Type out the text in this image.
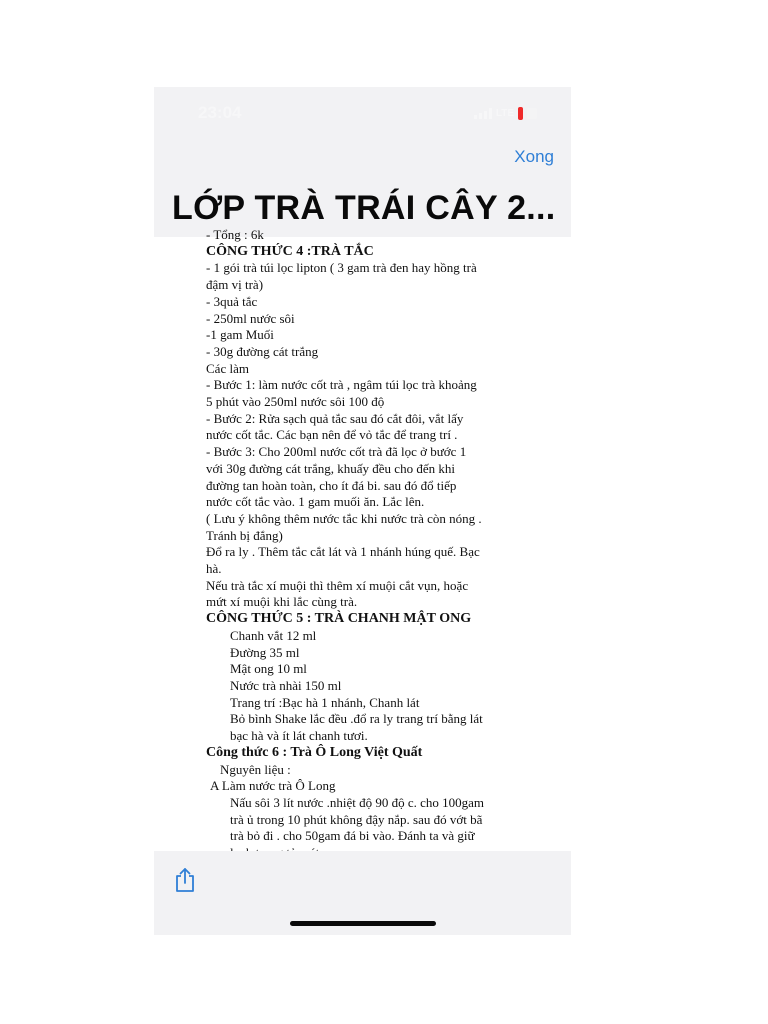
23:04	LTE
Xong
LỚP TRÀ TRÁI CÂY 2...
- Tổng : 6k
CÔNG THỨC 4 :TRÀ TẮC
- 1 gói trà túi lọc lipton ( 3 gam trà đen hay hồng trà
đậm vị trà)
- 3quả tắc
- 250ml nước sôi
-1 gam Muối
- 30g đường cát trắng
Các làm
- Bước 1: làm nước cốt trà , ngâm túi lọc trà khoảng
5 phút vào 250ml nước sôi 100 độ
- Bước 2: Rửa sạch quả tắc sau đó cắt đôi, vắt lấy
nước cốt tắc. Các bạn nên để vỏ tắc để trang trí .
- Bước 3: Cho 200ml nước cốt trà đã lọc ở bước 1
với 30g đường cát trắng, khuấy đều cho đến khi
đường tan hoàn toàn, cho ít đá bi. sau đó đổ tiếp
nước cốt tắc vào. 1 gam muối ăn. Lắc lên.
( Lưu ý không thêm nước tắc khi nước trà còn nóng .
Tránh bị đắng)
Đổ ra ly . Thêm tắc cắt lát và 1 nhánh húng quế. Bạc
hà.
Nếu trà tắc xí muội thì thêm xí muội cắt vụn, hoặc
mứt xí muội khi lắc cùng trà.
CÔNG THỨC 5 : TRÀ CHANH MẬT ONG
Chanh vắt 12 ml
Đường 35 ml
Mật ong 10 ml
Nước trà nhài 150 ml
Trang trí :Bạc hà 1 nhánh, Chanh lát
Bỏ bình Shake lắc đều .đổ ra ly trang trí bằng lát
bạc hà và ít lát chanh tươi.
Công thức 6 : Trà Ô Long Việt Quất
Nguyên liệu :
A Làm nước trà Ô Long
Nấu sôi 3 lít nước .nhiệt độ 90 độ c. cho 100gam
trà ủ trong 10 phút không đậy nắp. sau đó vớt bã
trà bỏ đi . cho 50gam đá bi vào. Đánh ta và giữ
